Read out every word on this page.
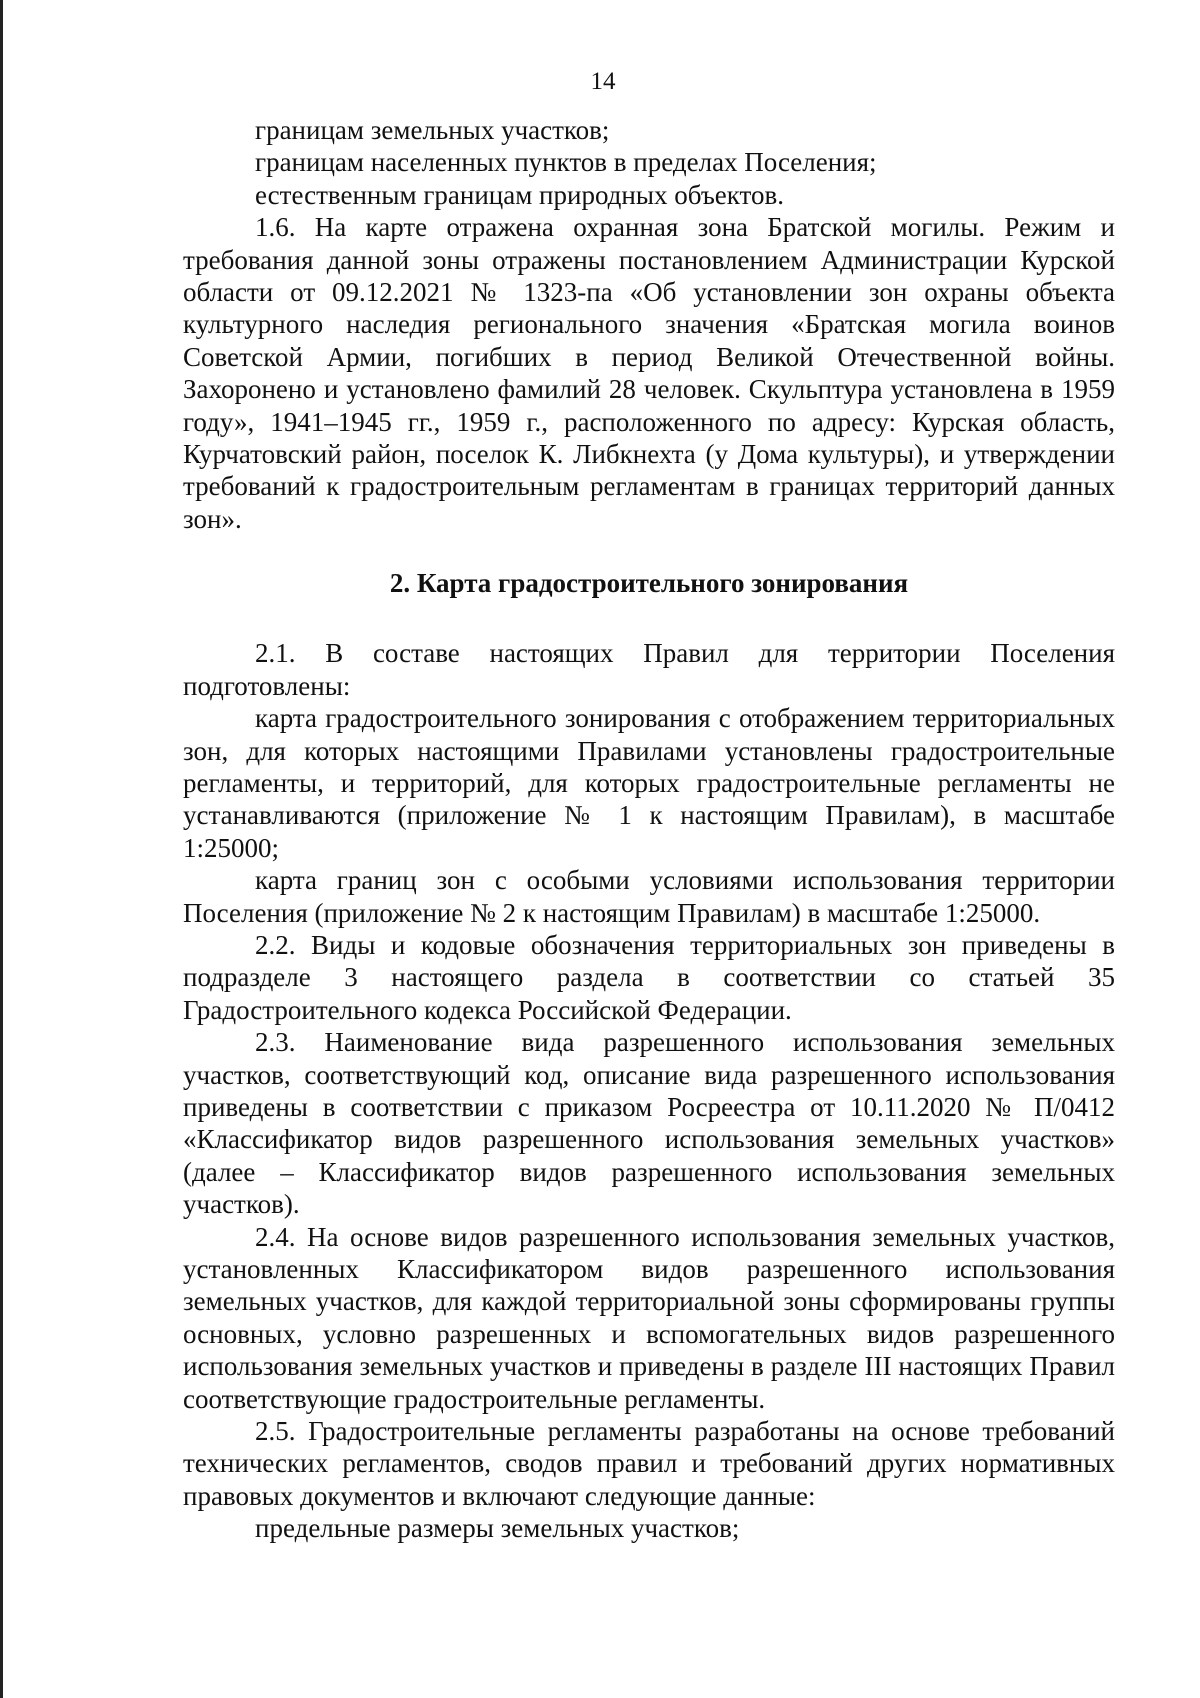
14

границам земельных участков;

границам населенных пунктов в пределах Поселения;

естественным границам природных объектов.

1.6. На карте отражена охранная зона Братской могилы. Режим и требования данной зоны отражены постановлением Администрации Курской области от 09.12.2021 № 1323-па «Об установлении зон охраны объекта культурного наследия регионального значения «Братская могила воинов Советской Армии, погибших в период Великой Отечественной войны. Захоронено и установлено фамилий 28 человек. Скульптура установлена в 1959 году», 1941–1945 гг., 1959 г., расположенного по адресу: Курская область, Курчатовский район, поселок К. Либкнехта (у Дома культуры), и утверждении требований к градостроительным регламентам в границах территорий данных зон».

2. Карта градостроительного зонирования

2.1. В составе настоящих Правил для территории Поселения подготовлены:

карта градостроительного зонирования с отображением территориальных зон, для которых настоящими Правилами установлены градостроительные регламенты, и территорий, для которых градостроительные регламенты не устанавливаются (приложение № 1 к настоящим Правилам), в масштабе 1:25000;

карта границ зон с особыми условиями использования территории Поселения (приложение № 2 к настоящим Правилам) в масштабе 1:25000.

2.2. Виды и кодовые обозначения территориальных зон приведены в подразделе 3 настоящего раздела в соответствии со статьей 35 Градостроительного кодекса Российской Федерации.

2.3. Наименование вида разрешенного использования земельных участков, соответствующий код, описание вида разрешенного использования приведены в соответствии с приказом Росреестра от 10.11.2020 № П/0412 «Классификатор видов разрешенного использования земельных участков» (далее – Классификатор видов разрешенного использования земельных участков).

2.4. На основе видов разрешенного использования земельных участков, установленных Классификатором видов разрешенного использования земельных участков, для каждой территориальной зоны сформированы группы основных, условно разрешенных и вспомогательных видов разрешенного использования земельных участков и приведены в разделе III настоящих Правил соответствующие градостроительные регламенты.

2.5. Градостроительные регламенты разработаны на основе требований технических регламентов, сводов правил и требований других нормативных правовых документов и включают следующие данные:

предельные размеры земельных участков;
